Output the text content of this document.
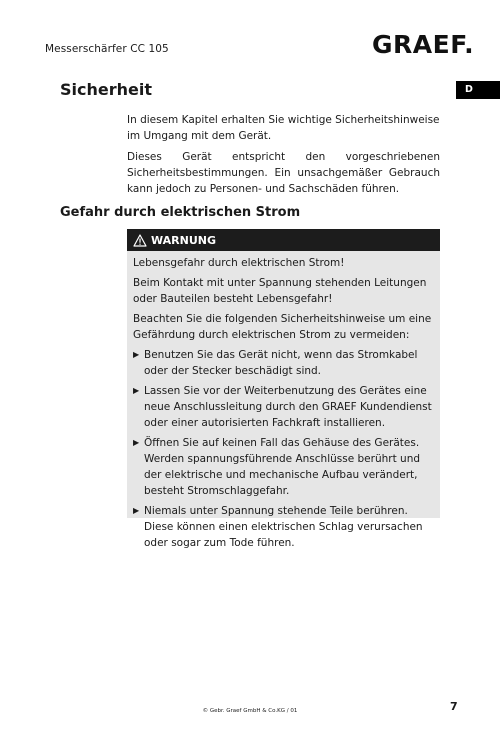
Messerschärfer CC 105	GRAEF.
D
Sicherheit

In diesem Kapitel erhalten Sie wichtige Sicherheitshinweise im Umgang mit dem Gerät.

Dieses Gerät entspricht den vorgeschriebenen Sicherheitsbestimmungen. Ein unsachgemäßer Gebrauch kann jedoch zu Personen- und Sachschäden führen.

Gefahr durch elektrischen Strom
WARNUNG

Lebensgefahr durch elektrischen Strom!

Beim Kontakt mit unter Spannung stehenden Leitungen oder Bauteilen besteht Lebensgefahr!

Beachten Sie die folgenden Sicherheitshinweise um eine Gefährdung durch elektrischen Strom zu vermeiden:

▶ Benutzen Sie das Gerät nicht, wenn das Stromkabel oder der Stecker beschädigt sind.
▶ Lassen Sie vor der Weiterbenutzung des Gerätes eine neue Anschlussleitung durch den GRAEF Kundendienst oder einer autorisierten Fachkraft installieren.
▶ Öffnen Sie auf keinen Fall das Gehäuse des Gerätes. Werden spannungsführende Anschlüsse berührt und der elektrische und mechanische Aufbau verändert, besteht Stromschlaggefahr.
▶ Niemals unter Spannung stehende Teile berühren. Diese können einen elektrischen Schlag verursachen oder sogar zum Tode führen.
© Gebr. Graef GmbH & Co.KG / 01	7
